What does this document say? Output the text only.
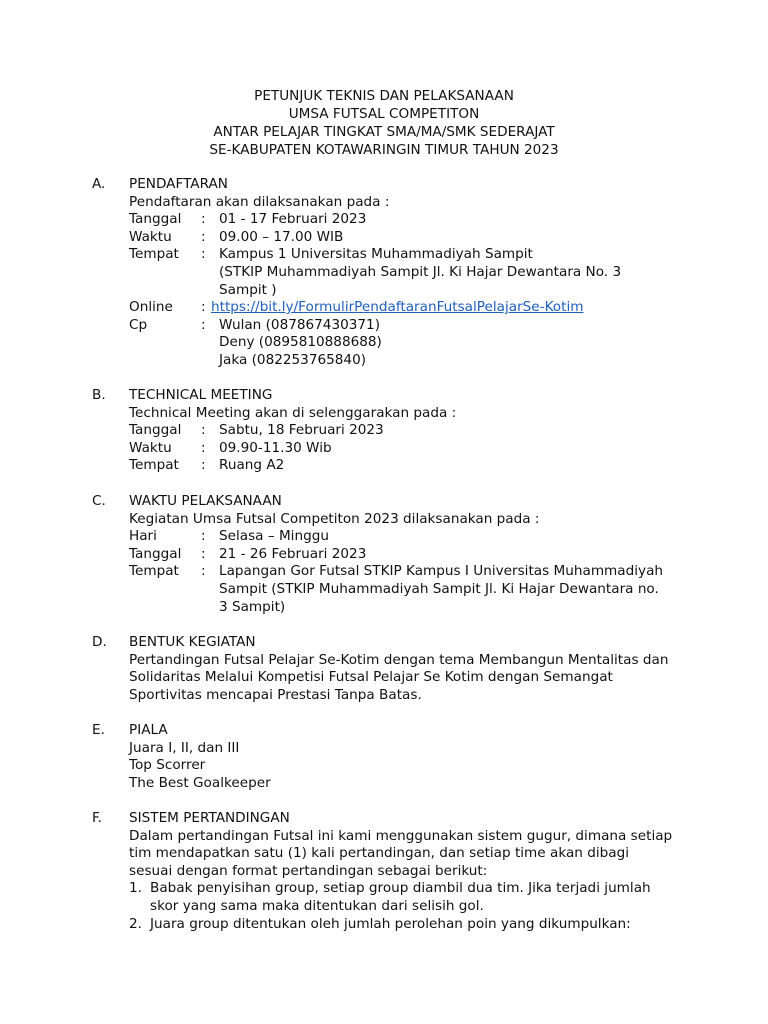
PETUNJUK TEKNIS DAN PELAKSANAAN
UMSA FUTSAL COMPETITON
ANTAR PELAJAR TINGKAT SMA/MA/SMK SEDERAJAT
SE-KABUPATEN KOTAWARINGIN TIMUR TAHUN 2023
A. PENDAFTARAN
Pendaftaran akan dilaksanakan pada :
Tanggal	: 01 - 17 Februari 2023
Waktu	: 09.00 – 17.00 WIB
Tempat	: Kampus 1 Universitas Muhammadiyah Sampit
(STKIP Muhammadiyah Sampit Jl. Ki Hajar Dewantara No. 3
Sampit )
Online	: https://bit.ly/FormulirPendaftaranFutsalPelajarSe-Kotim
Cp	: Wulan (087867430371)
Deny (0895810888688)
Jaka (082253765840)
B. TECHNICAL MEETING
Technical Meeting akan di selenggarakan pada :
Tanggal	: Sabtu, 18 Februari 2023
Waktu	: 09.90-11.30 Wib
Tempat	: Ruang A2
C. WAKTU PELAKSANAAN
Kegiatan Umsa Futsal Competiton 2023 dilaksanakan pada :
Hari	: Selasa – Minggu
Tanggal	: 21 - 26 Februari 2023
Tempat	: Lapangan Gor Futsal STKIP Kampus I Universitas Muhammadiyah
Sampit (STKIP Muhammadiyah Sampit Jl. Ki Hajar Dewantara no.
3 Sampit)
D. BENTUK KEGIATAN
Pertandingan Futsal Pelajar Se-Kotim dengan tema Membangun Mentalitas dan
Solidaritas Melalui Kompetisi Futsal Pelajar Se Kotim dengan Semangat
Sportivitas mencapai Prestasi Tanpa Batas.
E. PIALA
Juara I, II, dan III
Top Scorrer
The Best Goalkeeper
F. SISTEM PERTANDINGAN
Dalam pertandingan Futsal ini kami menggunakan sistem gugur, dimana setiap
tim mendapatkan satu (1) kali pertandingan, dan setiap time akan dibagi
sesuai dengan format pertandingan sebagai berikut:
1. Babak penyisihan group, setiap group diambil dua tim. Jika terjadi jumlah
skor yang sama maka ditentukan dari selisih gol.
2. Juara group ditentukan oleh jumlah perolehan poin yang dikumpulkan:
